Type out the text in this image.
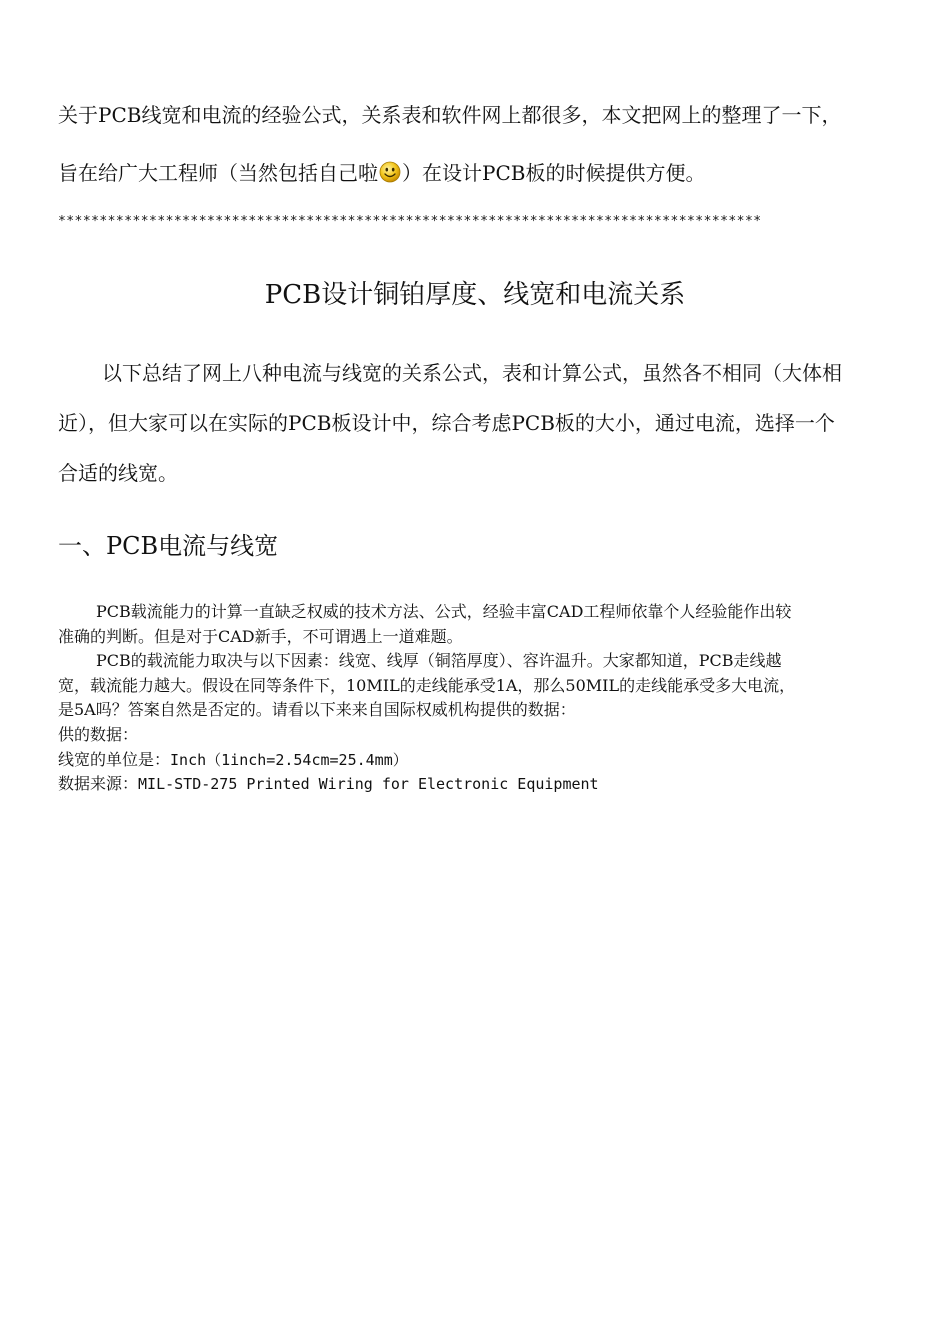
关于PCB线宽和电流的经验公式，关系表和软件网上都很多，本文把网上的整理了一下，
旨在给广大工程师（当然包括自己啦 ）在设计PCB板的时候提供方便。

*************************************************************************************

PCB设计铜铂厚度、线宽和电流关系

以下总结了网上八种电流与线宽的关系公式，表和计算公式，虽然各不相同（大体相
近），但大家可以在实际的PCB板设计中，综合考虑PCB板的大小，通过电流，选择一个
合适的线宽。

一、PCB电流与线宽
PCB载流能力的计算一直缺乏权威的技术方法、公式，经验丰富CAD工程师依靠个人经验能作出较
准确的判断。但是对于CAD新手，不可谓遇上一道难题。
PCB的载流能力取决与以下因素：线宽、线厚（铜箔厚度）、容许温升。大家都知道，PCB走线越
宽，载流能力越大。假设在同等条件下，10MIL的走线能承受1A，那么50MIL的走线能承受多大电流，
是5A吗？答案自然是否定的。请看以下来来自国际权威机构提供的数据：
供的数据：
线宽的单位是：Inch（1inch=2.54cm=25.4mm）
数据来源：MIL-STD-275 Printed Wiring for Electronic Equipment
